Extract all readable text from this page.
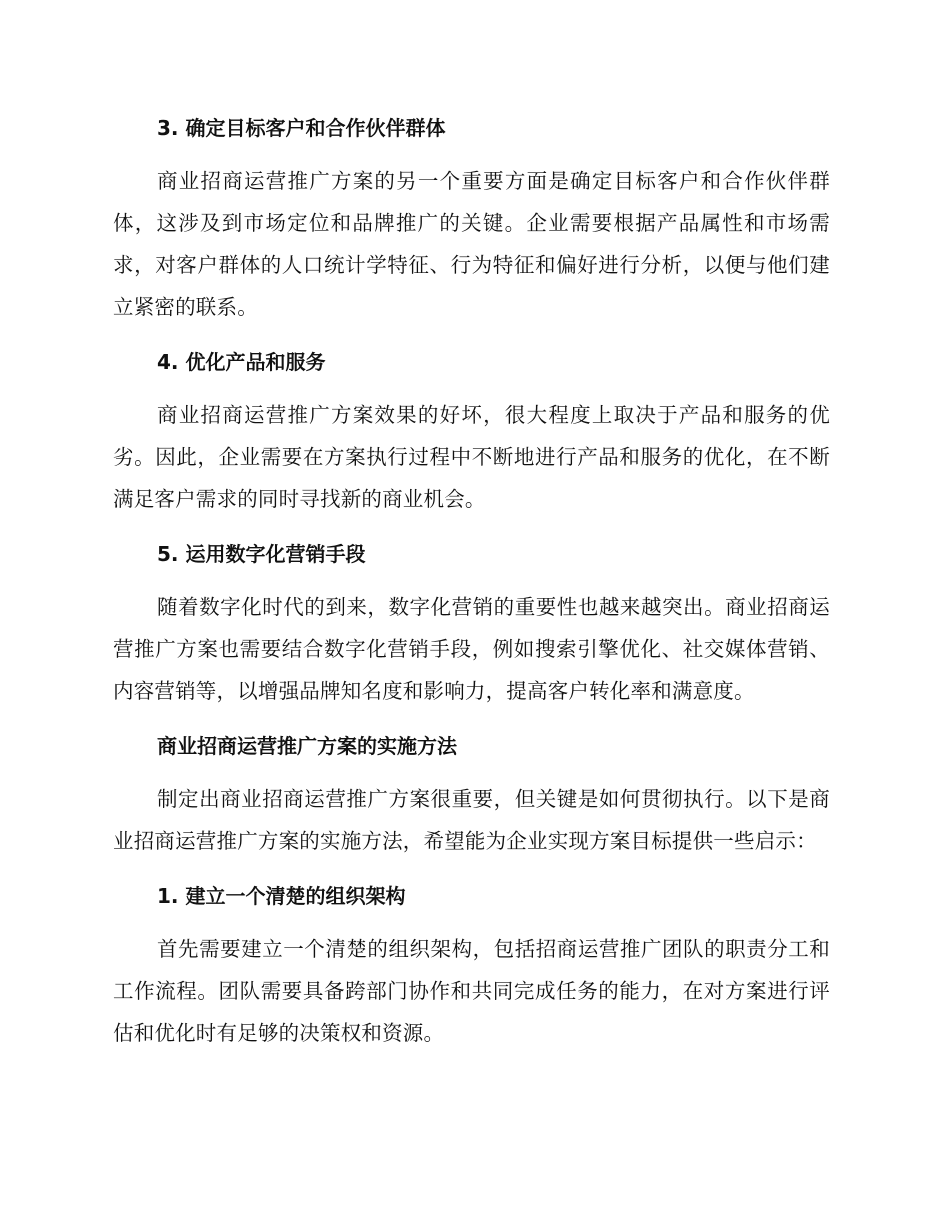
3. 确定目标客户和合作伙伴群体

商业招商运营推广方案的另一个重要方面是确定目标客户和合作伙伴群体，这涉及到市场定位和品牌推广的关键。企业需要根据产品属性和市场需求，对客户群体的人口统计学特征、行为特征和偏好进行分析，以便与他们建立紧密的联系。

4. 优化产品和服务

商业招商运营推广方案效果的好坏，很大程度上取决于产品和服务的优劣。因此，企业需要在方案执行过程中不断地进行产品和服务的优化，在不断满足客户需求的同时寻找新的商业机会。

5. 运用数字化营销手段

随着数字化时代的到来，数字化营销的重要性也越来越突出。商业招商运营推广方案也需要结合数字化营销手段，例如搜索引擎优化、社交媒体营销、内容营销等，以增强品牌知名度和影响力，提高客户转化率和满意度。

商业招商运营推广方案的实施方法

制定出商业招商运营推广方案很重要，但关键是如何贯彻执行。以下是商业招商运营推广方案的实施方法，希望能为企业实现方案目标提供一些启示：

1. 建立一个清楚的组织架构

首先需要建立一个清楚的组织架构，包括招商运营推广团队的职责分工和工作流程。团队需要具备跨部门协作和共同完成任务的能力，在对方案进行评估和优化时有足够的决策权和资源。
